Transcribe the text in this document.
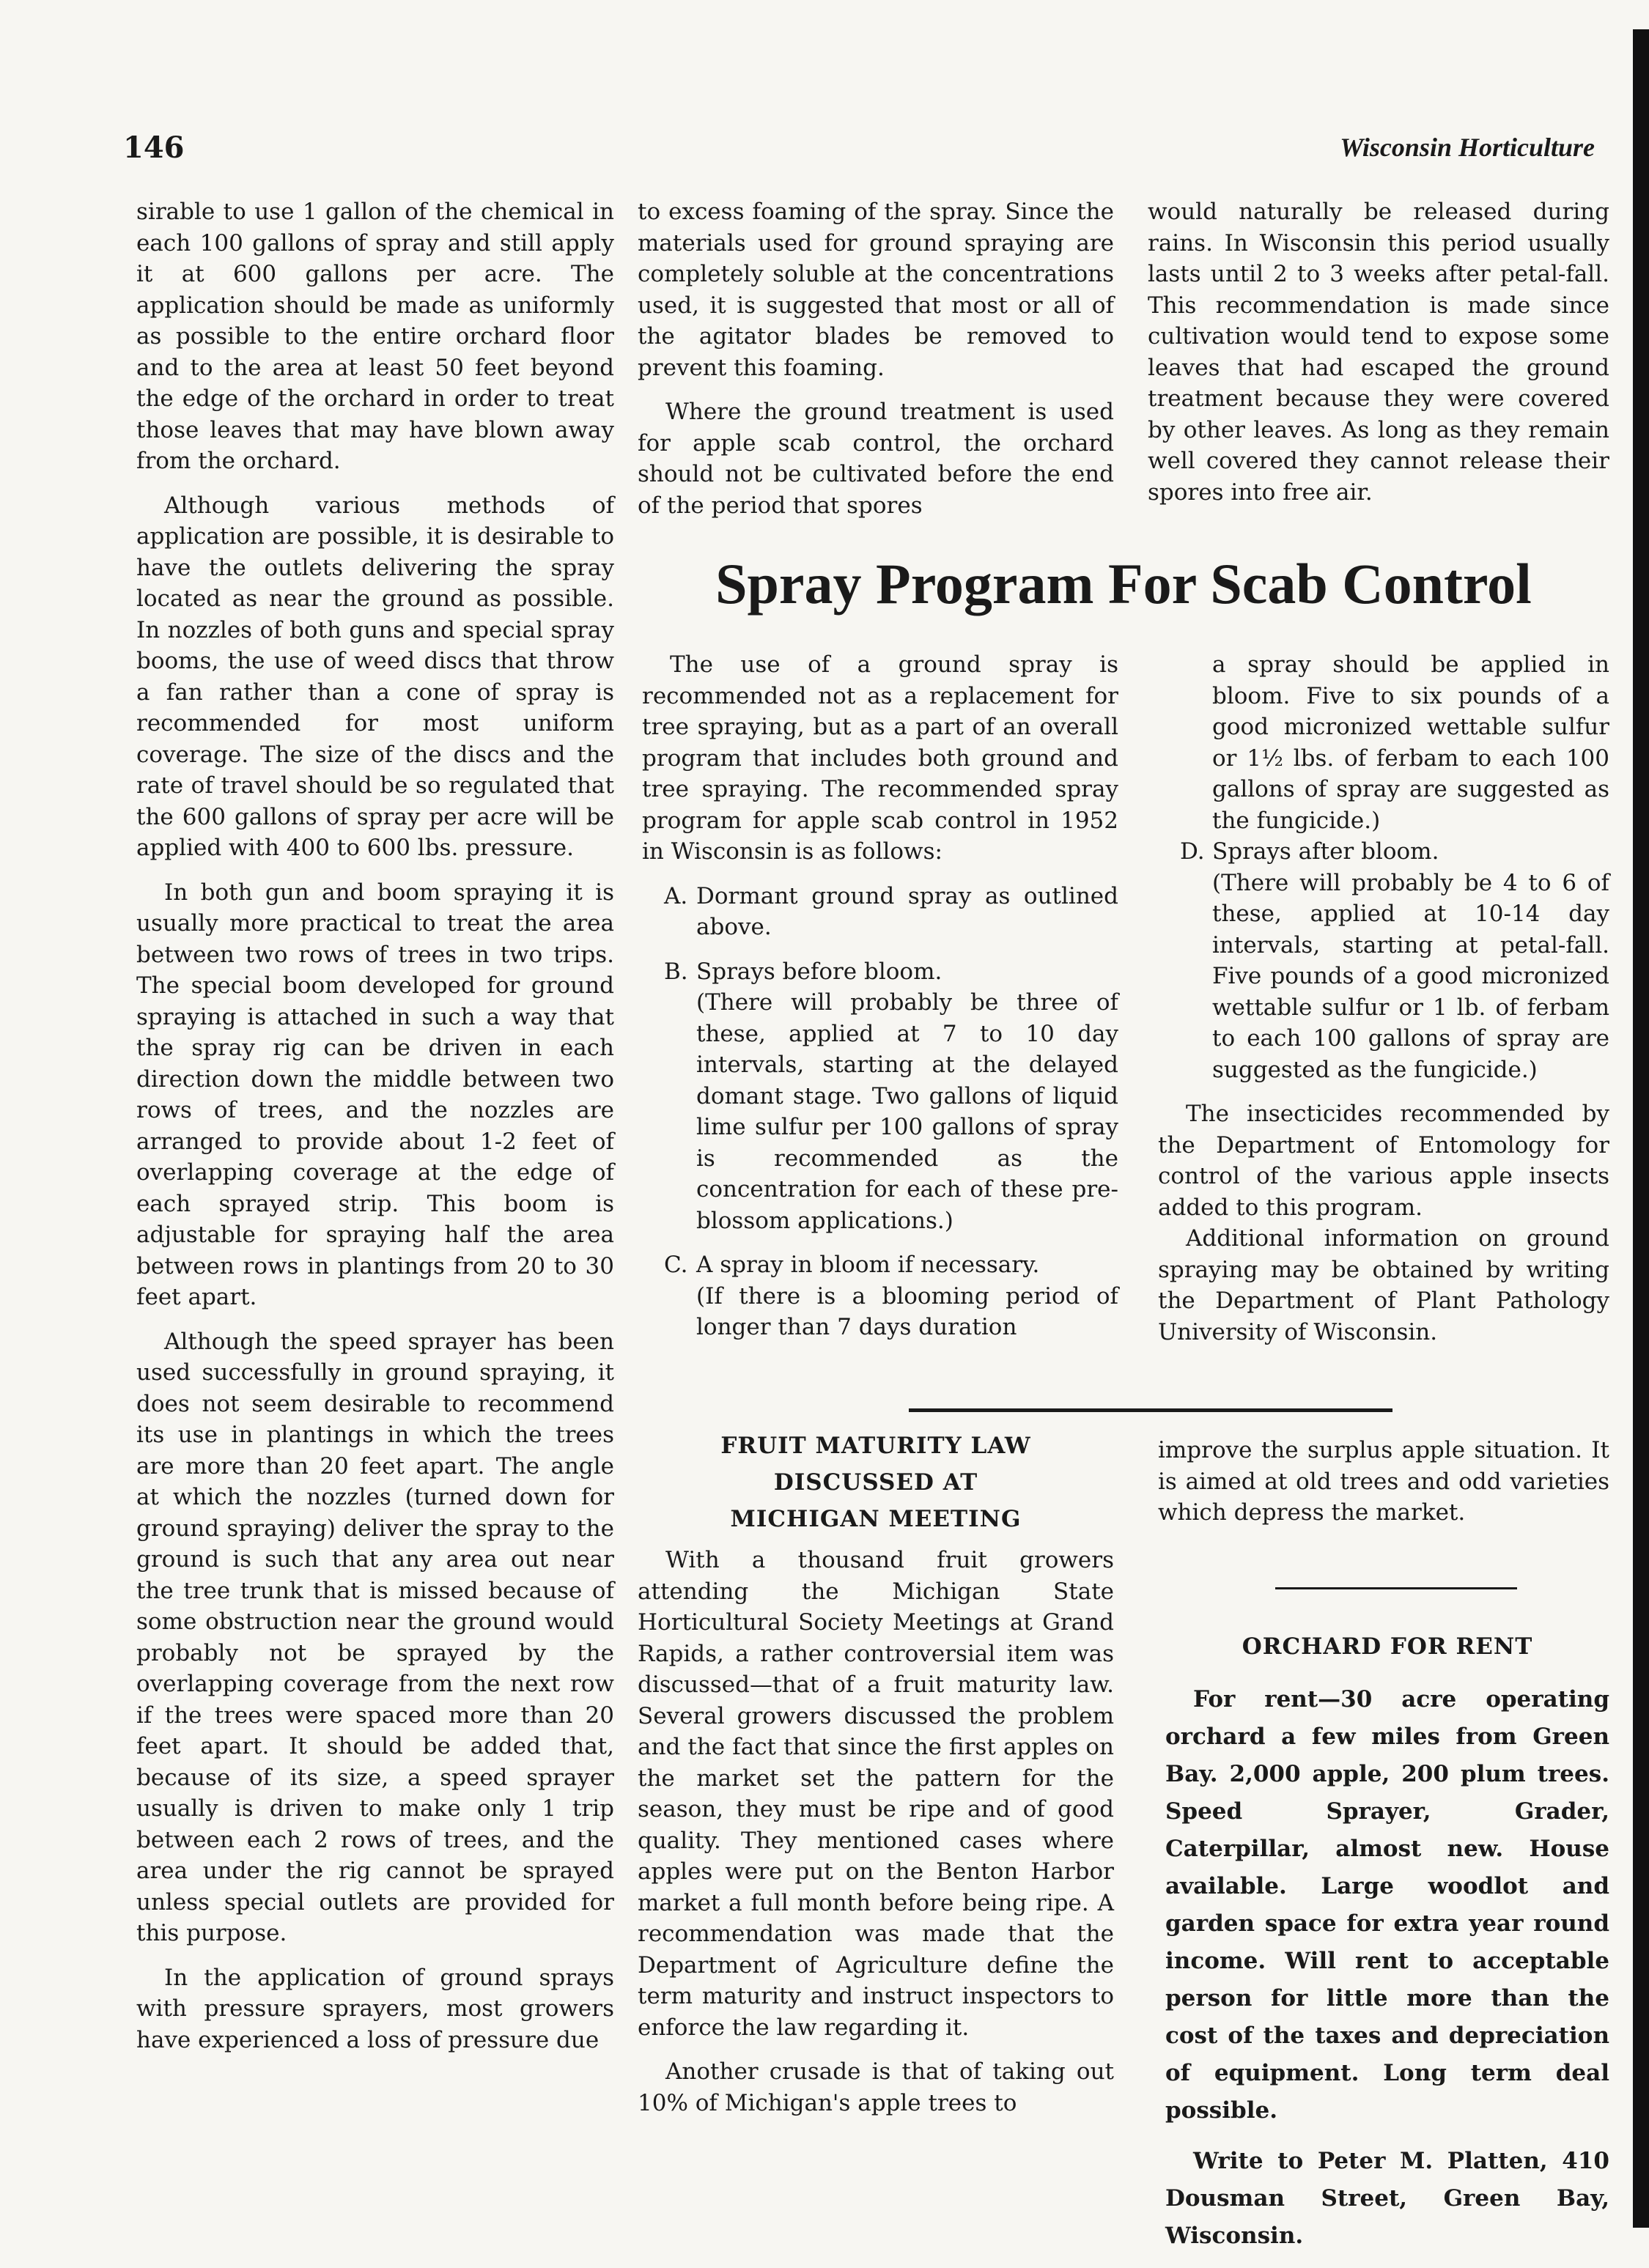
146	Wisconsin Horticulture

sirable to use 1 gallon of the chemical in each 100 gallons of spray and still apply it at 600 gallons per acre. The application should be made as uniformly as possible to the entire orchard floor and to the area at least 50 feet beyond the edge of the orchard in order to treat those leaves that may have blown away from the orchard.

Although various methods of application are possible, it is desirable to have the outlets delivering the spray located as near the ground as possible. In nozzles of both guns and special spray booms, the use of weed discs that throw a fan rather than a cone of spray is recommended for most uniform coverage. The size of the discs and the rate of travel should be so regulated that the 600 gallons of spray per acre will be applied with 400 to 600 lbs. pressure.

In both gun and boom spraying it is usually more practical to treat the area between two rows of trees in two trips. The special boom developed for ground spraying is attached in such a way that the spray rig can be driven in each direction down the middle between two rows of trees, and the nozzles are arranged to provide about 1-2 feet of overlapping coverage at the edge of each sprayed strip. This boom is adjustable for spraying half the area between rows in plantings from 20 to 30 feet apart.

Although the speed sprayer has been used successfully in ground spraying, it does not seem desirable to recommend its use in plantings in which the trees are more than 20 feet apart. The angle at which the nozzles (turned down for ground spraying) deliver the spray to the ground is such that any area out near the tree trunk that is missed because of some obstruction near the ground would probably not be sprayed by the overlapping coverage from the next row if the trees were spaced more than 20 feet apart. It should be added that, because of its size, a speed sprayer usually is driven to make only 1 trip between each 2 rows of trees, and the area under the rig cannot be sprayed unless special outlets are provided for this purpose.

In the application of ground sprays with pressure sprayers, most growers have experienced a loss of pressure due

to excess foaming of the spray. Since the materials used for ground spraying are completely soluble at the concentrations used, it is suggested that most or all of the agitator blades be removed to prevent this foaming.

Where the ground treatment is used for apple scab control, the orchard should not be cultivated before the end of the period that spores

would naturally be released during rains. In Wisconsin this period usually lasts until 2 to 3 weeks after petal-fall. This recommendation is made since cultivation would tend to expose some leaves that had escaped the ground treatment because they were covered by other leaves. As long as they remain well covered they cannot release their spores into free air.

Spray Program For Scab Control

The use of a ground spray is recommended not as a replacement for tree spraying, but as a part of an overall program that includes both ground and tree spraying. The recommended spray program for apple scab control in 1952 in Wisconsin is as follows:

A. Dormant ground spray as outlined above.
B. Sprays before bloom.
(There will probably be three of these, applied at 7 to 10 day intervals, starting at the delayed domant stage. Two gallons of liquid lime sulfur per 100 gallons of spray is recommended as the concentration for each of these pre-blossom applications.)
C. A spray in bloom if necessary.
(If there is a blooming period of longer than 7 days duration
a spray should be applied in bloom. Five to six pounds of a good micronized wettable sulfur or 1½ lbs. of ferbam to each 100 gallons of spray are suggested as the fungicide.)
D. Sprays after bloom.
(There will probably be 4 to 6 of these, applied at 10-14 day intervals, starting at petal-fall. Five pounds of a good micronized wettable sulfur or 1 lb. of ferbam to each 100 gallons of spray are suggested as the fungicide.)

The insecticides recommended by the Department of Entomology for control of the various apple insects added to this program.

Additional information on ground spraying may be obtained by writing the Department of Plant Pathology University of Wisconsin.

FRUIT MATURITY LAW
DISCUSSED AT
MICHIGAN MEETING

With a thousand fruit growers attending the Michigan State Horticultural Society Meetings at Grand Rapids, a rather controversial item was discussed—that of a fruit maturity law. Several growers discussed the problem and the fact that since the first apples on the market set the pattern for the season, they must be ripe and of good quality. They mentioned cases where apples were put on the Benton Harbor market a full month before being ripe. A recommendation was made that the Department of Agriculture define the term maturity and instruct inspectors to enforce the law regarding it.

Another crusade is that of taking out 10% of Michigan's apple trees to

improve the surplus apple situation. It is aimed at old trees and odd varieties which depress the market.

ORCHARD FOR RENT

For rent—30 acre operating orchard a few miles from Green Bay. 2,000 apple, 200 plum trees. Speed Sprayer, Grader, Caterpillar, almost new. House available. Large woodlot and garden space for extra year round income. Will rent to acceptable person for little more than the cost of the taxes and depreciation of equipment. Long term deal possible.

Write to Peter M. Platten, 410 Dousman Street, Green Bay, Wisconsin.
